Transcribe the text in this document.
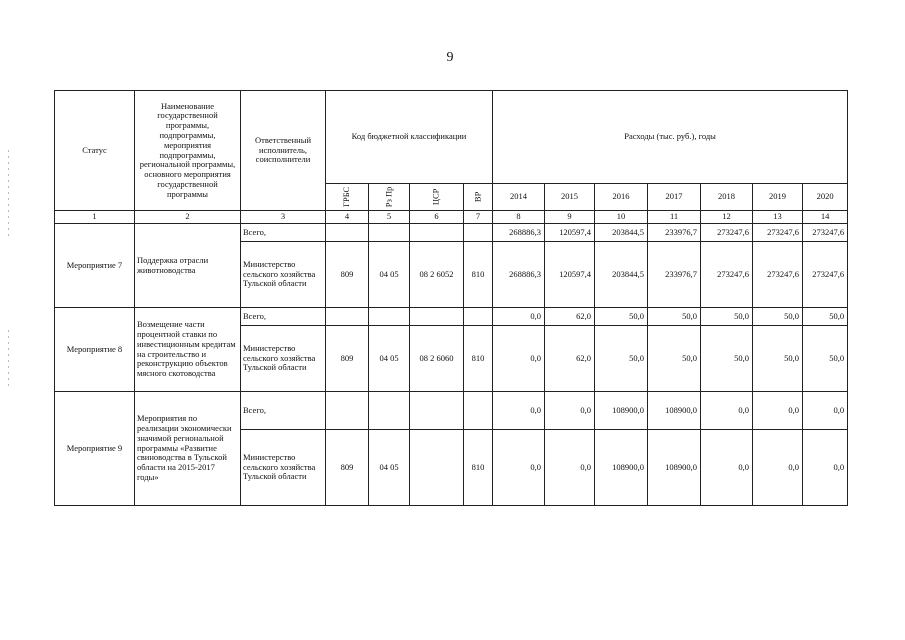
9
Статус	Наименование государственной программы, подпрограммы, мероприятия подпрограммы, региональной программы, основного мероприятия государственной программы	Ответственный исполнитель, соисполнители	Код бюджетной классификации				Расходы (тыс. руб.), годы						
			ГРБС	Рз Пр	ЦСР	ВР	2014	2015	2016	2017	2018	2019	2020
1	2	3	4	5	6	7	8	9	10	11	12	13	14
Мероприятие 7	Поддержка отрасли животноводства	Всего,					268886,3	120597,4	203844,5	233976,7	273247,6	273247,6	273247,6
		Министерство сельского хозяйства Тульской области	809	04 05	08 2 6052	810	268886,3	120597,4	203844,5	233976,7	273247,6	273247,6	273247,6
Мероприятие 8	Возмещение части процентной ставки по инвестиционным кредитам на строительство и реконструкцию объектов мясного скотоводства	Всего,					0,0	62,0	50,0	50,0	50,0	50,0	50,0
		Министерство сельского хозяйства Тульской области	809	04 05	08 2 6060	810	0,0	62,0	50,0	50,0	50,0	50,0	50,0
Мероприятие 9	Мероприятия по реализации экономически значимой региональной программы «Развитие свиноводства в Тульской области на 2015-2017 годы»	Всего,					0,0	0,0	108900,0	108900,0	0,0	0,0	0,0
		Министерство сельского хозяйства Тульской области	809	04 05		810	0,0	0,0	108900,0	108900,0	0,0	0,0	0,0
